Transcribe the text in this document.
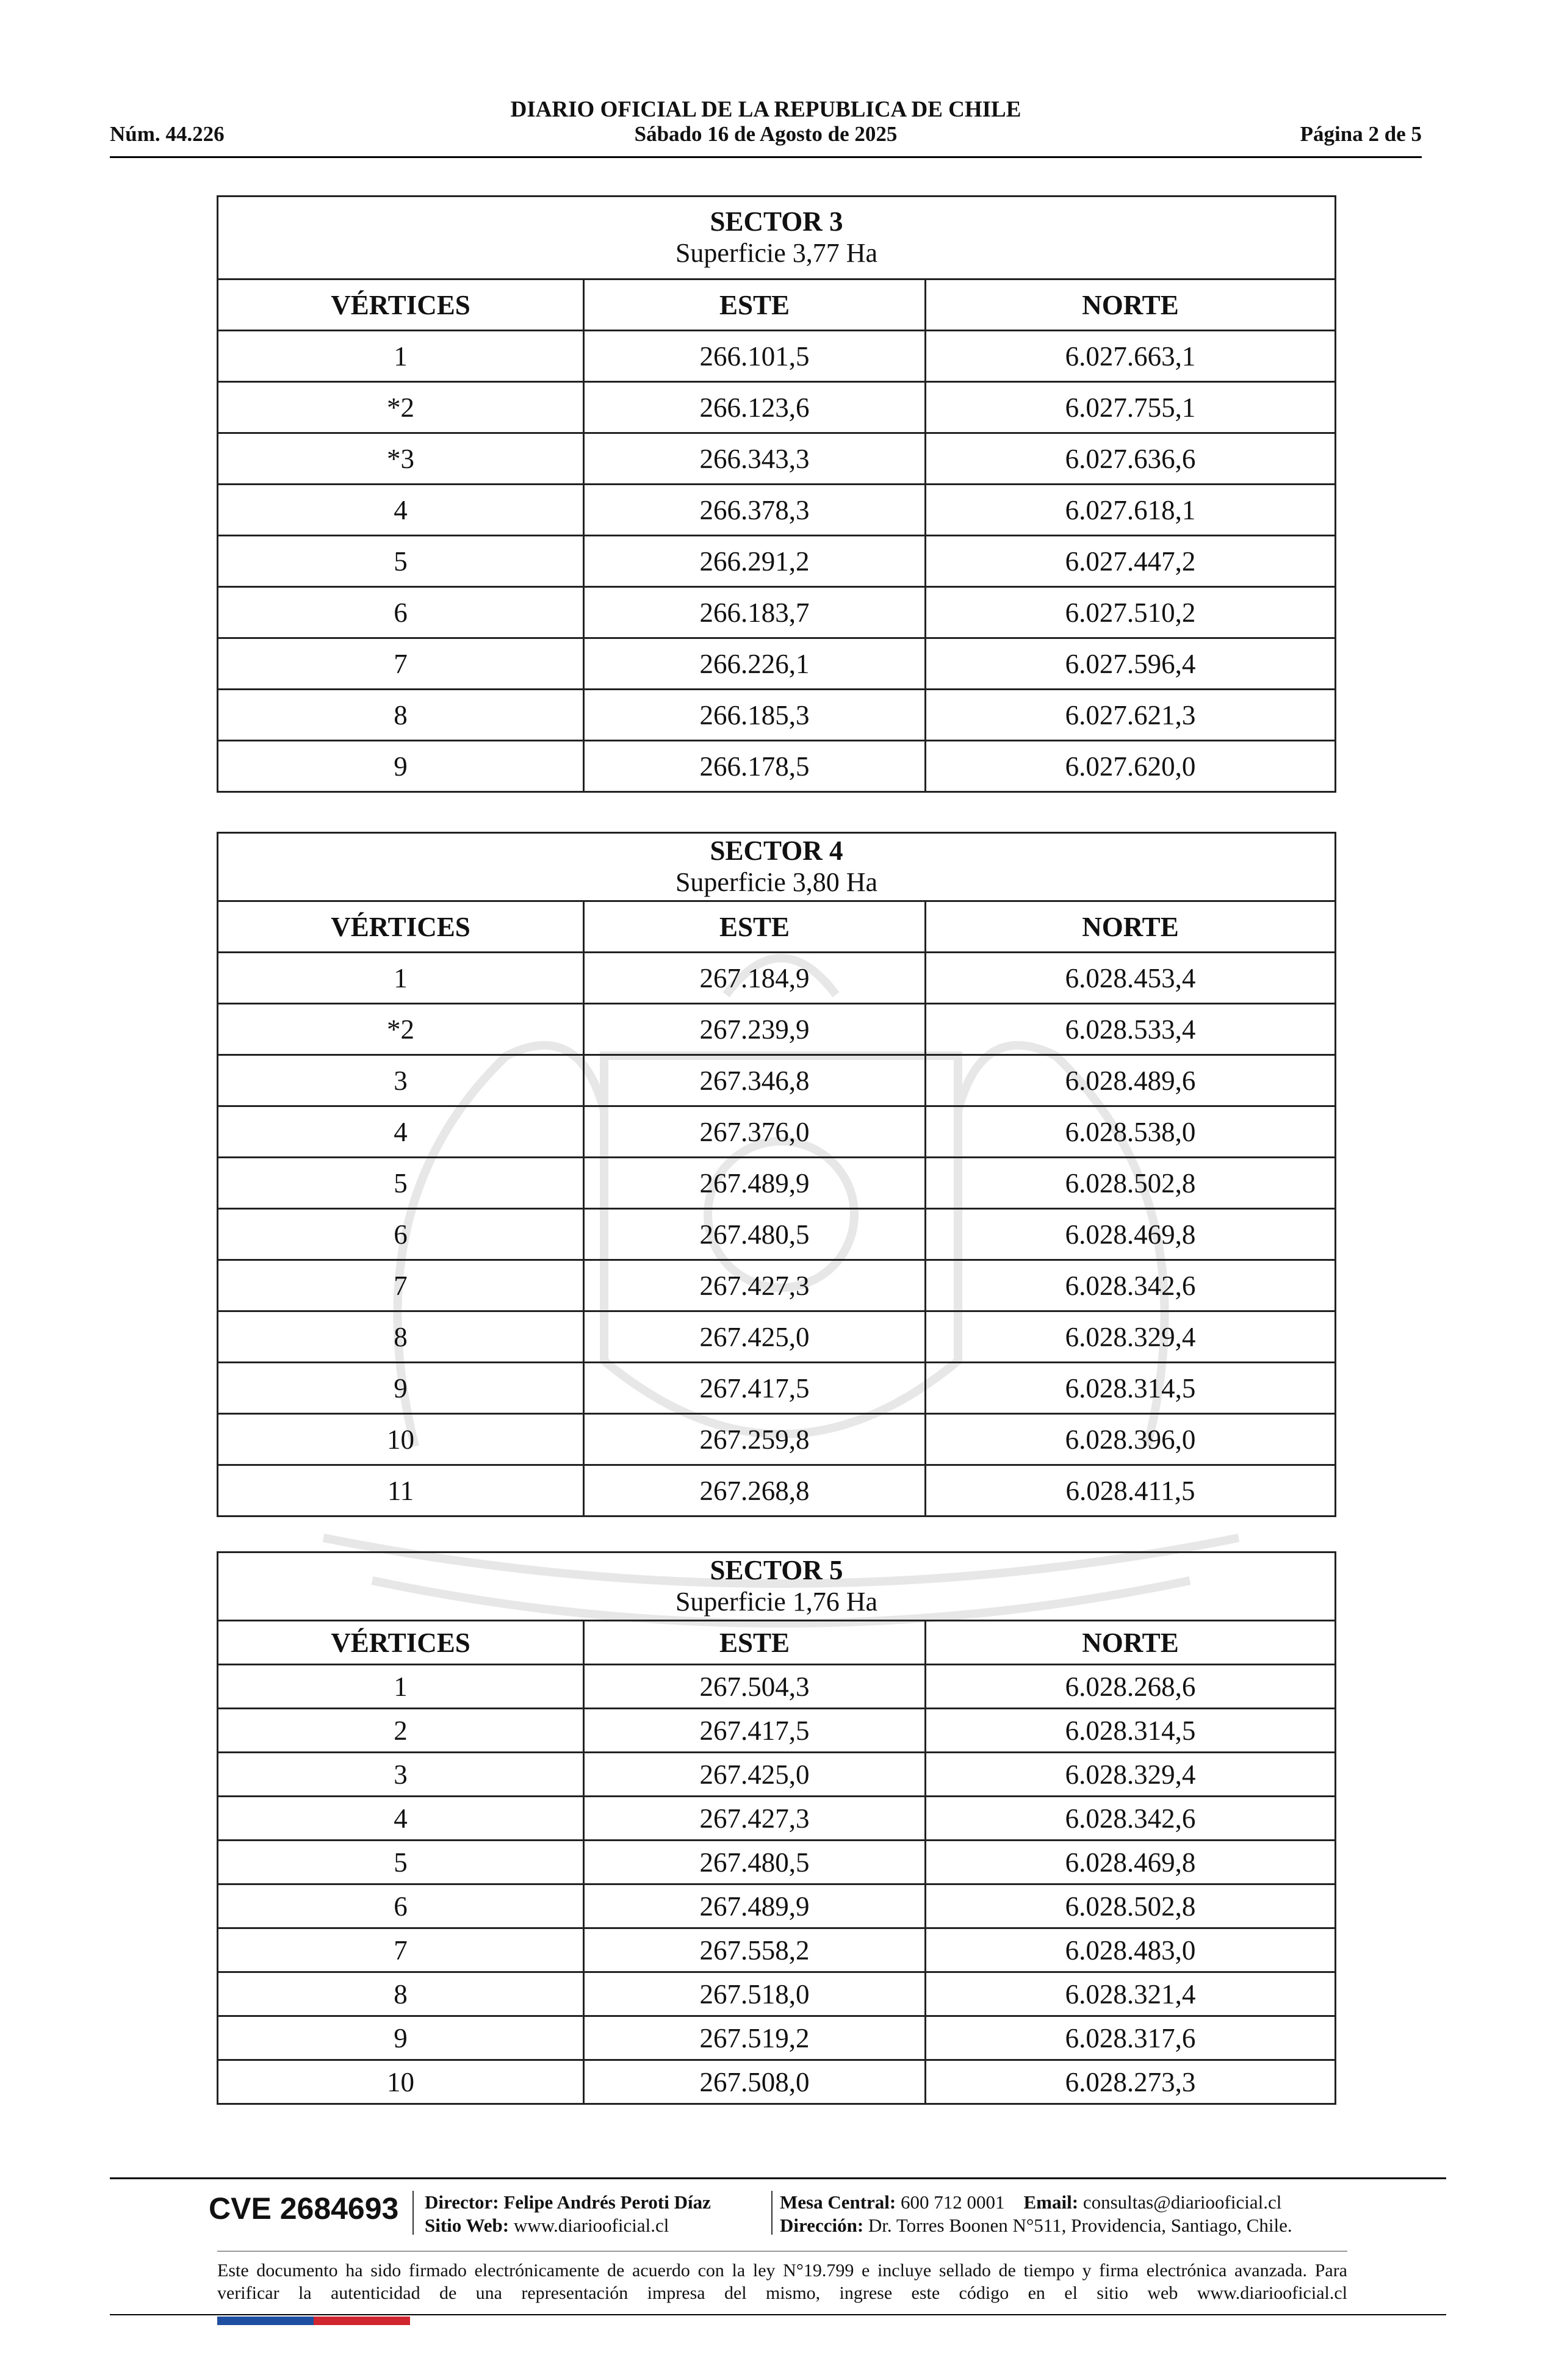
DIARIO OFICIAL DE LA REPUBLICA DE CHILE
Núm. 44.226	Sábado 16 de Agosto de 2025	Página 2 de 5
SECTOR 3
Superficie 3,77 Ha		

VÉRTICES	ESTE	NORTE
1	266.101,5	6.027.663,1
*2	266.123,6	6.027.755,1
*3	266.343,3	6.027.636,6
4	266.378,3	6.027.618,1
5	266.291,2	6.027.447,2
6	266.183,7	6.027.510,2
7	266.226,1	6.027.596,4
8	266.185,3	6.027.621,3
9	266.178,5	6.027.620,0
SECTOR 4
Superficie 3,80 Ha		

VÉRTICES	ESTE	NORTE
1	267.184,9	6.028.453,4
*2	267.239,9	6.028.533,4
3	267.346,8	6.028.489,6
4	267.376,0	6.028.538,0
5	267.489,9	6.028.502,8
6	267.480,5	6.028.469,8
7	267.427,3	6.028.342,6
8	267.425,0	6.028.329,4
9	267.417,5	6.028.314,5
10	267.259,8	6.028.396,0
11	267.268,8	6.028.411,5
SECTOR 5
Superficie 1,76 Ha		

VÉRTICES	ESTE	NORTE
1	267.504,3	6.028.268,6
2	267.417,5	6.028.314,5
3	267.425,0	6.028.329,4
4	267.427,3	6.028.342,6
5	267.480,5	6.028.469,8
6	267.489,9	6.028.502,8
7	267.558,2	6.028.483,0
8	267.518,0	6.028.321,4
9	267.519,2	6.028.317,6
10	267.508,0	6.028.273,3
CVE 2684693 Director: Felipe Andrés Peroti Díaz
Sitio Web: www.diariooficial.cl
Mesa Central: 600 712 0001 Email: consultas@diariooficial.cl
Dirección: Dr. Torres Boonen N°511, Providencia, Santiago, Chile.
Este documento ha sido firmado electrónicamente de acuerdo con la ley N°19.799 e incluye sellado de tiempo y firma electrónica avanzada. Para verificar la autenticidad de una representación impresa del mismo, ingrese este código en el sitio web www.diariooficial.cl
